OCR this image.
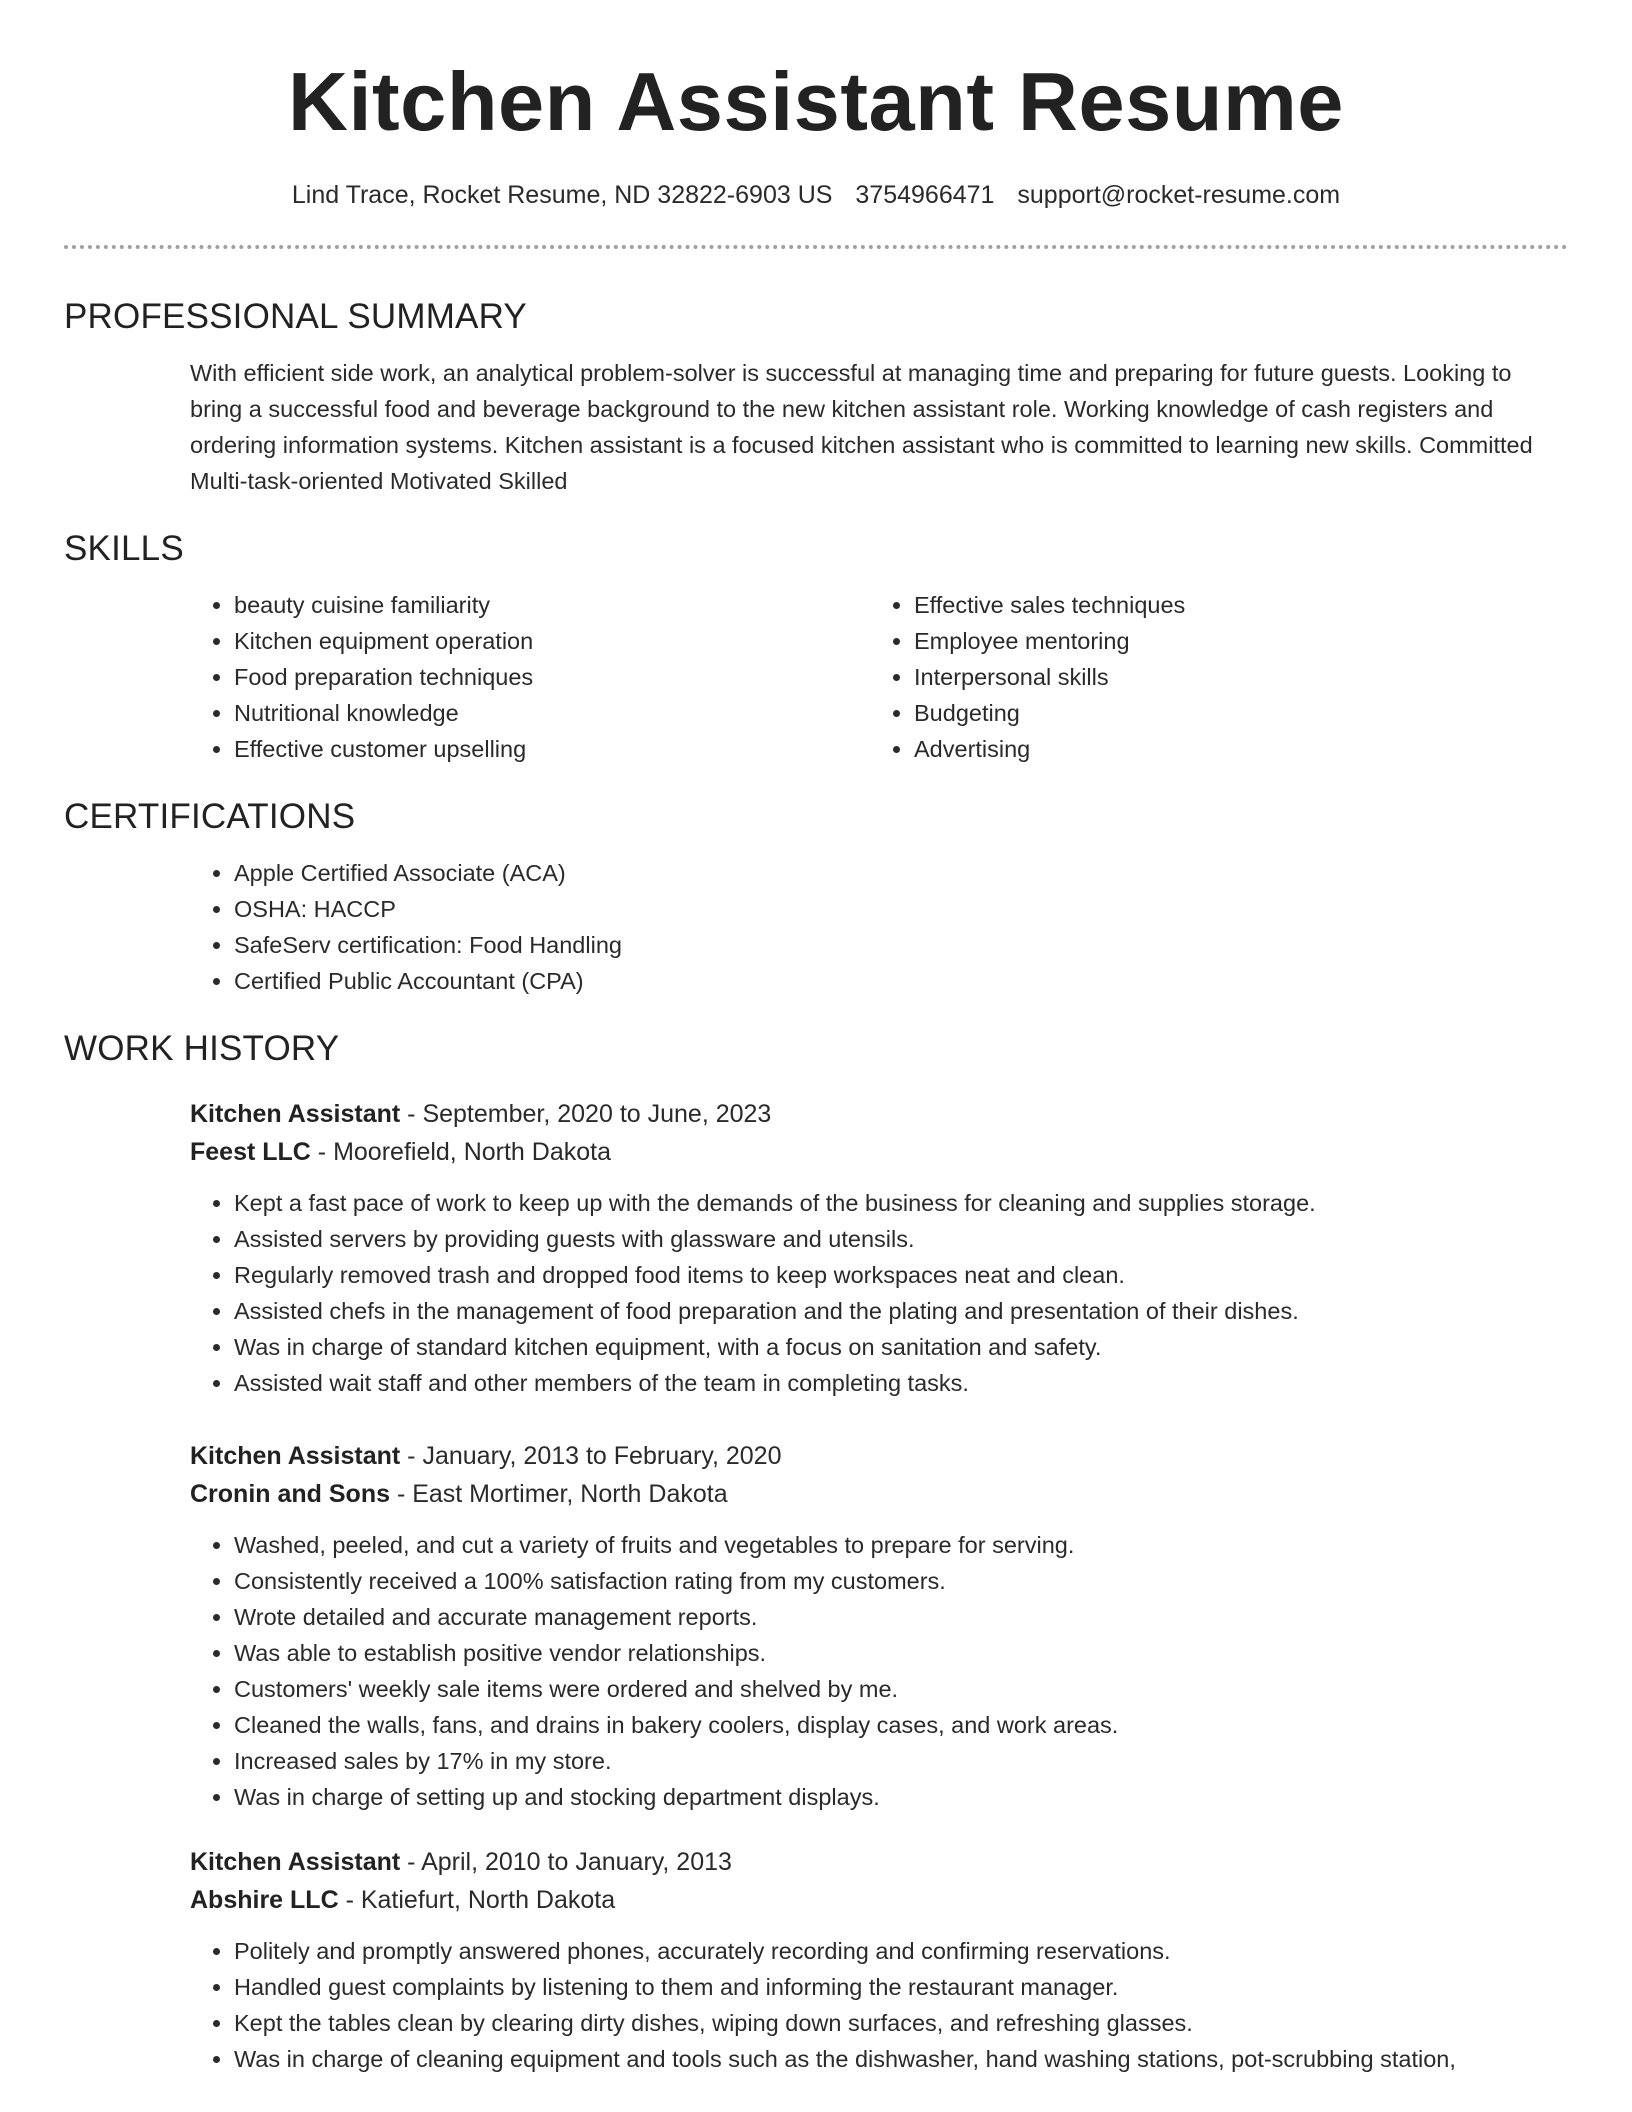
Kitchen Assistant Resume
Lind Trace, Rocket Resume, ND 32822-6903 US 3754966471 support@rocket-resume.com
PROFESSIONAL SUMMARY

With efficient side work, an analytical problem-solver is successful at managing time and preparing for future guests. Looking to bring a successful food and beverage background to the new kitchen assistant role. Working knowledge of cash registers and ordering information systems. Kitchen assistant is a focused kitchen assistant who is committed to learning new skills. Committed Multi-task-oriented Motivated Skilled

SKILLS
• beauty cuisine familiarity
• Kitchen equipment operation
• Food preparation techniques
• Nutritional knowledge
• Effective customer upselling
• Effective sales techniques
• Employee mentoring
• Interpersonal skills
• Budgeting
• Advertising
CERTIFICATIONS
• Apple Certified Associate (ACA)
• OSHA: HACCP
• SafeServ certification: Food Handling
• Certified Public Accountant (CPA)
WORK HISTORY
Kitchen Assistant - September, 2020 to June, 2023
Feest LLC - Moorefield, North Dakota
• Kept a fast pace of work to keep up with the demands of the business for cleaning and supplies storage.
• Assisted servers by providing guests with glassware and utensils.
• Regularly removed trash and dropped food items to keep workspaces neat and clean.
• Assisted chefs in the management of food preparation and the plating and presentation of their dishes.
• Was in charge of standard kitchen equipment, with a focus on sanitation and safety.
• Assisted wait staff and other members of the team in completing tasks.
Kitchen Assistant - January, 2013 to February, 2020
Cronin and Sons - East Mortimer, North Dakota
• Washed, peeled, and cut a variety of fruits and vegetables to prepare for serving.
• Consistently received a 100% satisfaction rating from my customers.
• Wrote detailed and accurate management reports.
• Was able to establish positive vendor relationships.
• Customers' weekly sale items were ordered and shelved by me.
• Cleaned the walls, fans, and drains in bakery coolers, display cases, and work areas.
• Increased sales by 17% in my store.
• Was in charge of setting up and stocking department displays.
Kitchen Assistant - April, 2010 to January, 2013
Abshire LLC - Katiefurt, North Dakota
• Politely and promptly answered phones, accurately recording and confirming reservations.
• Handled guest complaints by listening to them and informing the restaurant manager.
• Kept the tables clean by clearing dirty dishes, wiping down surfaces, and refreshing glasses.
• Was in charge of cleaning equipment and tools such as the dishwasher, hand washing stations, pot-scrubbing station,
